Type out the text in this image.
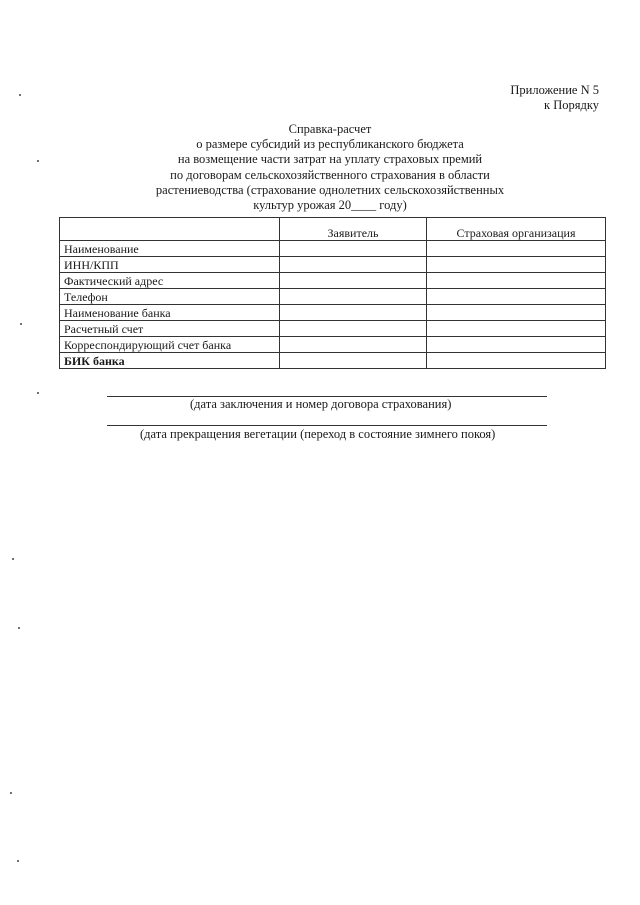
Приложение N 5
к Порядку
Справка-расчет
о размере субсидий из республиканского бюджета
на возмещение части затрат на уплату страховых премий
по договорам сельскохозяйственного страхования в области
растениеводства (страхование однолетних сельскохозяйственных
культур урожая 20____ году)
	Заявитель	Страховая организация
Наименование		
ИНН/КПП		
Фактический адрес		
Телефон		
Наименование банка		
Расчетный счет		
Корреспондирующий счет банка		
БИК банка		
(дата заключения и номер договора страхования)
(дата прекращения вегетации (переход в состояние зимнего покоя)
